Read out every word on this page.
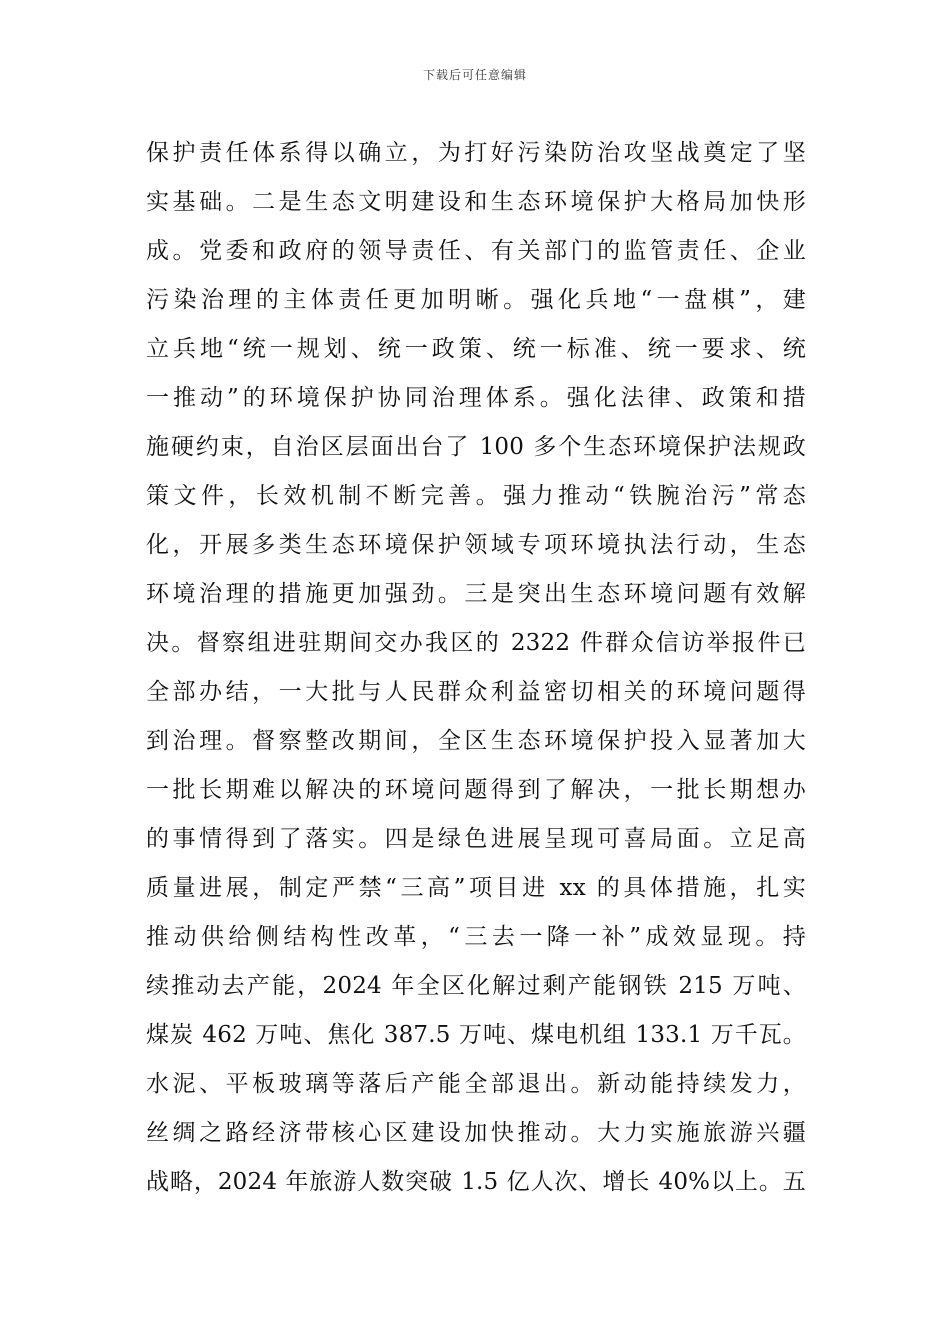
下载后可任意编辑
保护责任体系得以确立，为打好污染防治攻坚战奠定了坚
实基础。二是生态文明建设和生态环境保护大格局加快形
成。党委和政府的领导责任、有关部门的监管责任、企业
污染治理的主体责任更加明晰。强化兵地“一盘棋”，建
立兵地“统一规划、统一政策、统一标准、统一要求、统
一推动”的环境保护协同治理体系。强化法律、政策和措
施硬约束，自治区层面出台了 100 多个生态环境保护法规政
策文件，长效机制不断完善。强力推动“铁腕治污”常态
化，开展多类生态环境保护领域专项环境执法行动，生态
环境治理的措施更加强劲。三是突出生态环境问题有效解
决。督察组进驻期间交办我区的 2322 件群众信访举报件已
全部办结，一大批与人民群众利益密切相关的环境问题得
到治理。督察整改期间，全区生态环境保护投入显著加大
一批长期难以解决的环境问题得到了解决，一批长期想办
的事情得到了落实。四是绿色进展呈现可喜局面。立足高
质量进展，制定严禁“三高”项目进 xx 的具体措施，扎实
推动供给侧结构性改革，“三去一降一补”成效显现。持
续推动去产能，2024 年全区化解过剩产能钢铁 215 万吨、
煤炭 462 万吨、焦化 387.5 万吨、煤电机组 133.1 万千瓦。
水泥、平板玻璃等落后产能全部退出。新动能持续发力，
丝绸之路经济带核心区建设加快推动。大力实施旅游兴疆
战略，2024 年旅游人数突破 1.5 亿人次、增长 40%以上。五
